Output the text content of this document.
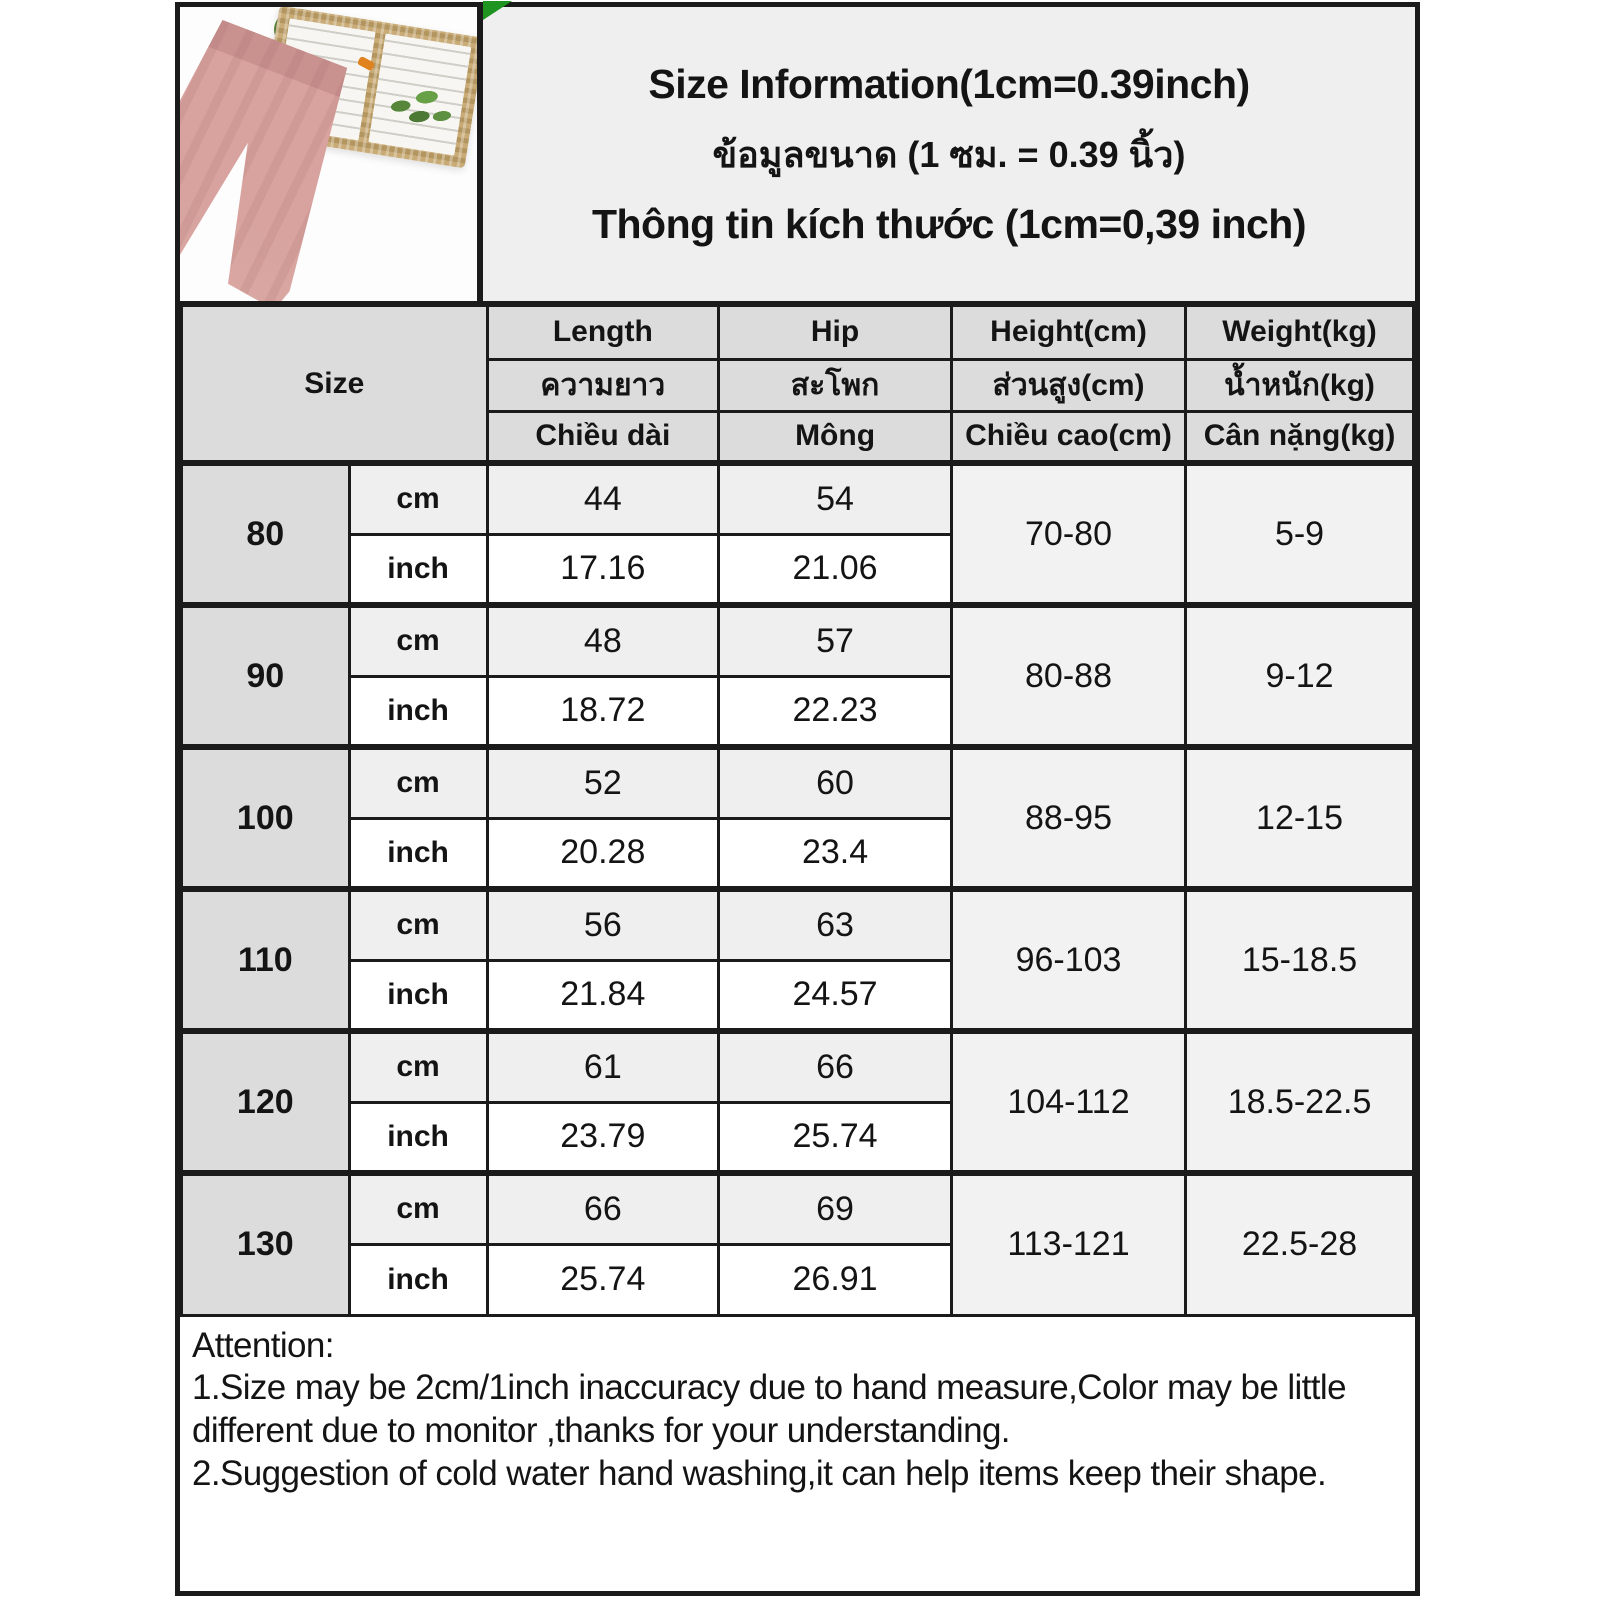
Size Information(1cm=0.39inch)
ข้อมูลขนาด (1 ซม. = 0.39 นิ้ว)
Thông tin kích thước (1cm=0,39 inch)
Size		Length	Hip	Height(cm)	Weight(kg)
		ความยาว	สะโพก	ส่วนสูง(cm)	น้ำหนัก(kg)
		Chiều dài	Mông	Chiều cao(cm)	Cân nặng(kg)
80	cm	44	54	70-80	5-9
	inch	17.16	21.06		
90	cm	48	57	80-88	9-12
	inch	18.72	22.23		
100	cm	52	60	88-95	12-15
	inch	20.28	23.4		
110	cm	56	63	96-103	15-18.5
	inch	21.84	24.57		
120	cm	61	66	104-112	18.5-22.5
	inch	23.79	25.74		
130	cm	66	69	113-121	22.5-28
	inch	25.74	26.91		

Attention:

1.Size may be 2cm/1inch inaccuracy due to hand measure,Color may be little different due to monitor ,thanks for your understanding.

2.Suggestion of cold water hand washing,it can help items keep their shape.
